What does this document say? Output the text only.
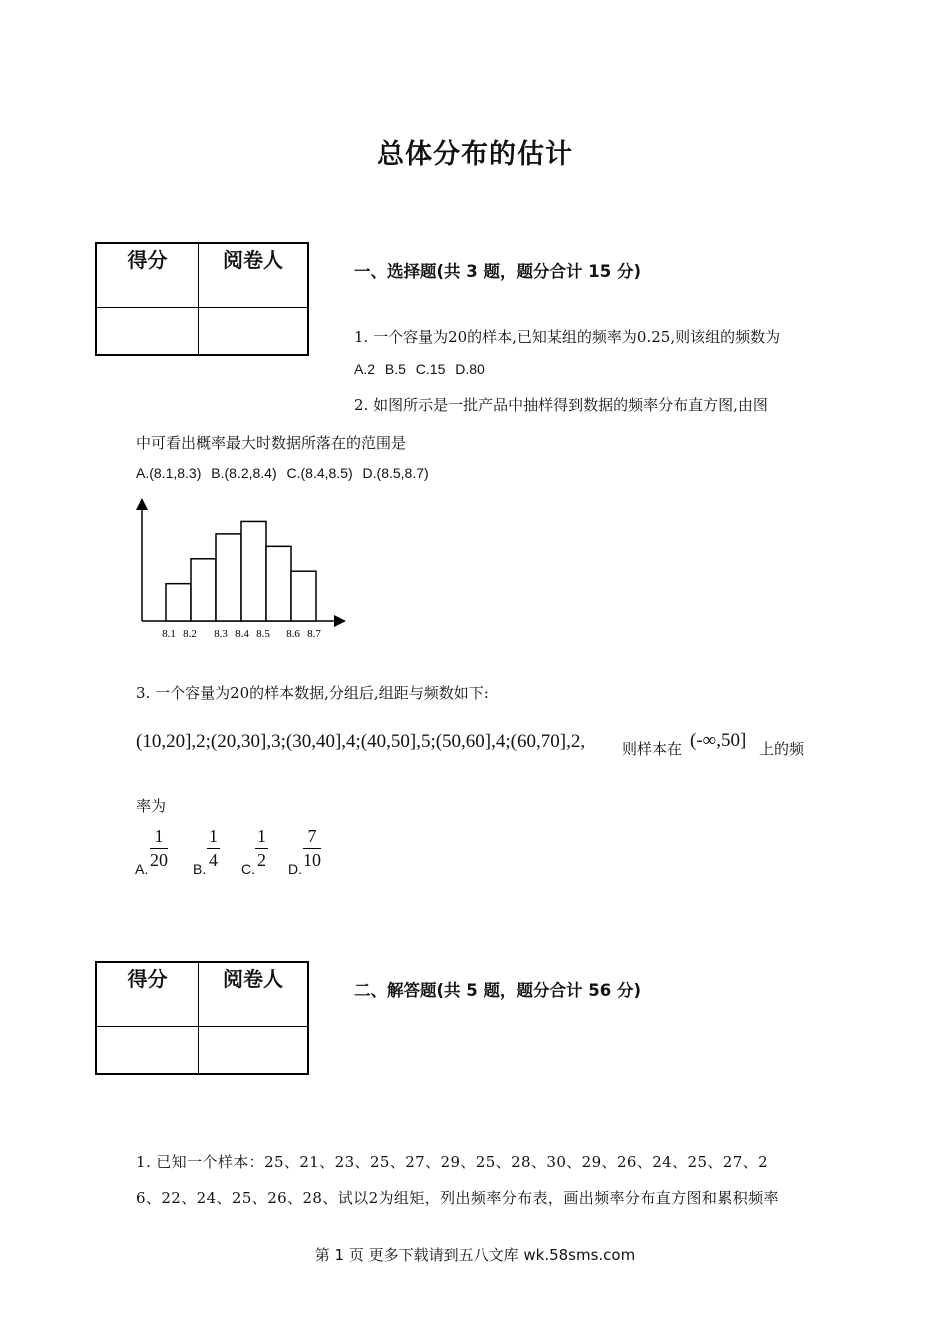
总体分布的估计
得分	阅卷人
		一、选择题(共 3 题，题分合计 15 分)
1. 一个容量为20的样本,已知某组的频率为0.25,则该组的频数为
A.2 B.5 C.15 D.80
2. 如图所示是一批产品中抽样得到数据的频率分布直方图,由图
中可看出概率最大时数据所落在的范围是
A.(8.1,8.3) B.(8.2,8.4) C.(8.4,8.5) D.(8.5,8.7)
8.1 8.2 8.3 8.4 8.5 8.6 8.7
3. 一个容量为20的样本数据,分组后,组距与频数如下:
(10,20],2;(20,30],3;(30,40],4;(40,50],5;(50,60],4;(60,70],2, 则样本在 (-∞,50] 上的频
率为
A. $\frac{1}{20} B$. $\frac{1}{4} C$. $\frac{1}{2} D$. $\frac{7}{10}$
得分	阅卷人
		二、解答题(共 5 题，题分合计 56 分)
1. 已知一个样本：25、21、23、25、27、29、25、28、30、29、26、24、25、27、2
6、22、24、25、26、28、试以2为组矩，列出频率分布表，画出频率分布直方图和累积频率
第 1 页 更多下载请到五八文库 wk.58sms.com
